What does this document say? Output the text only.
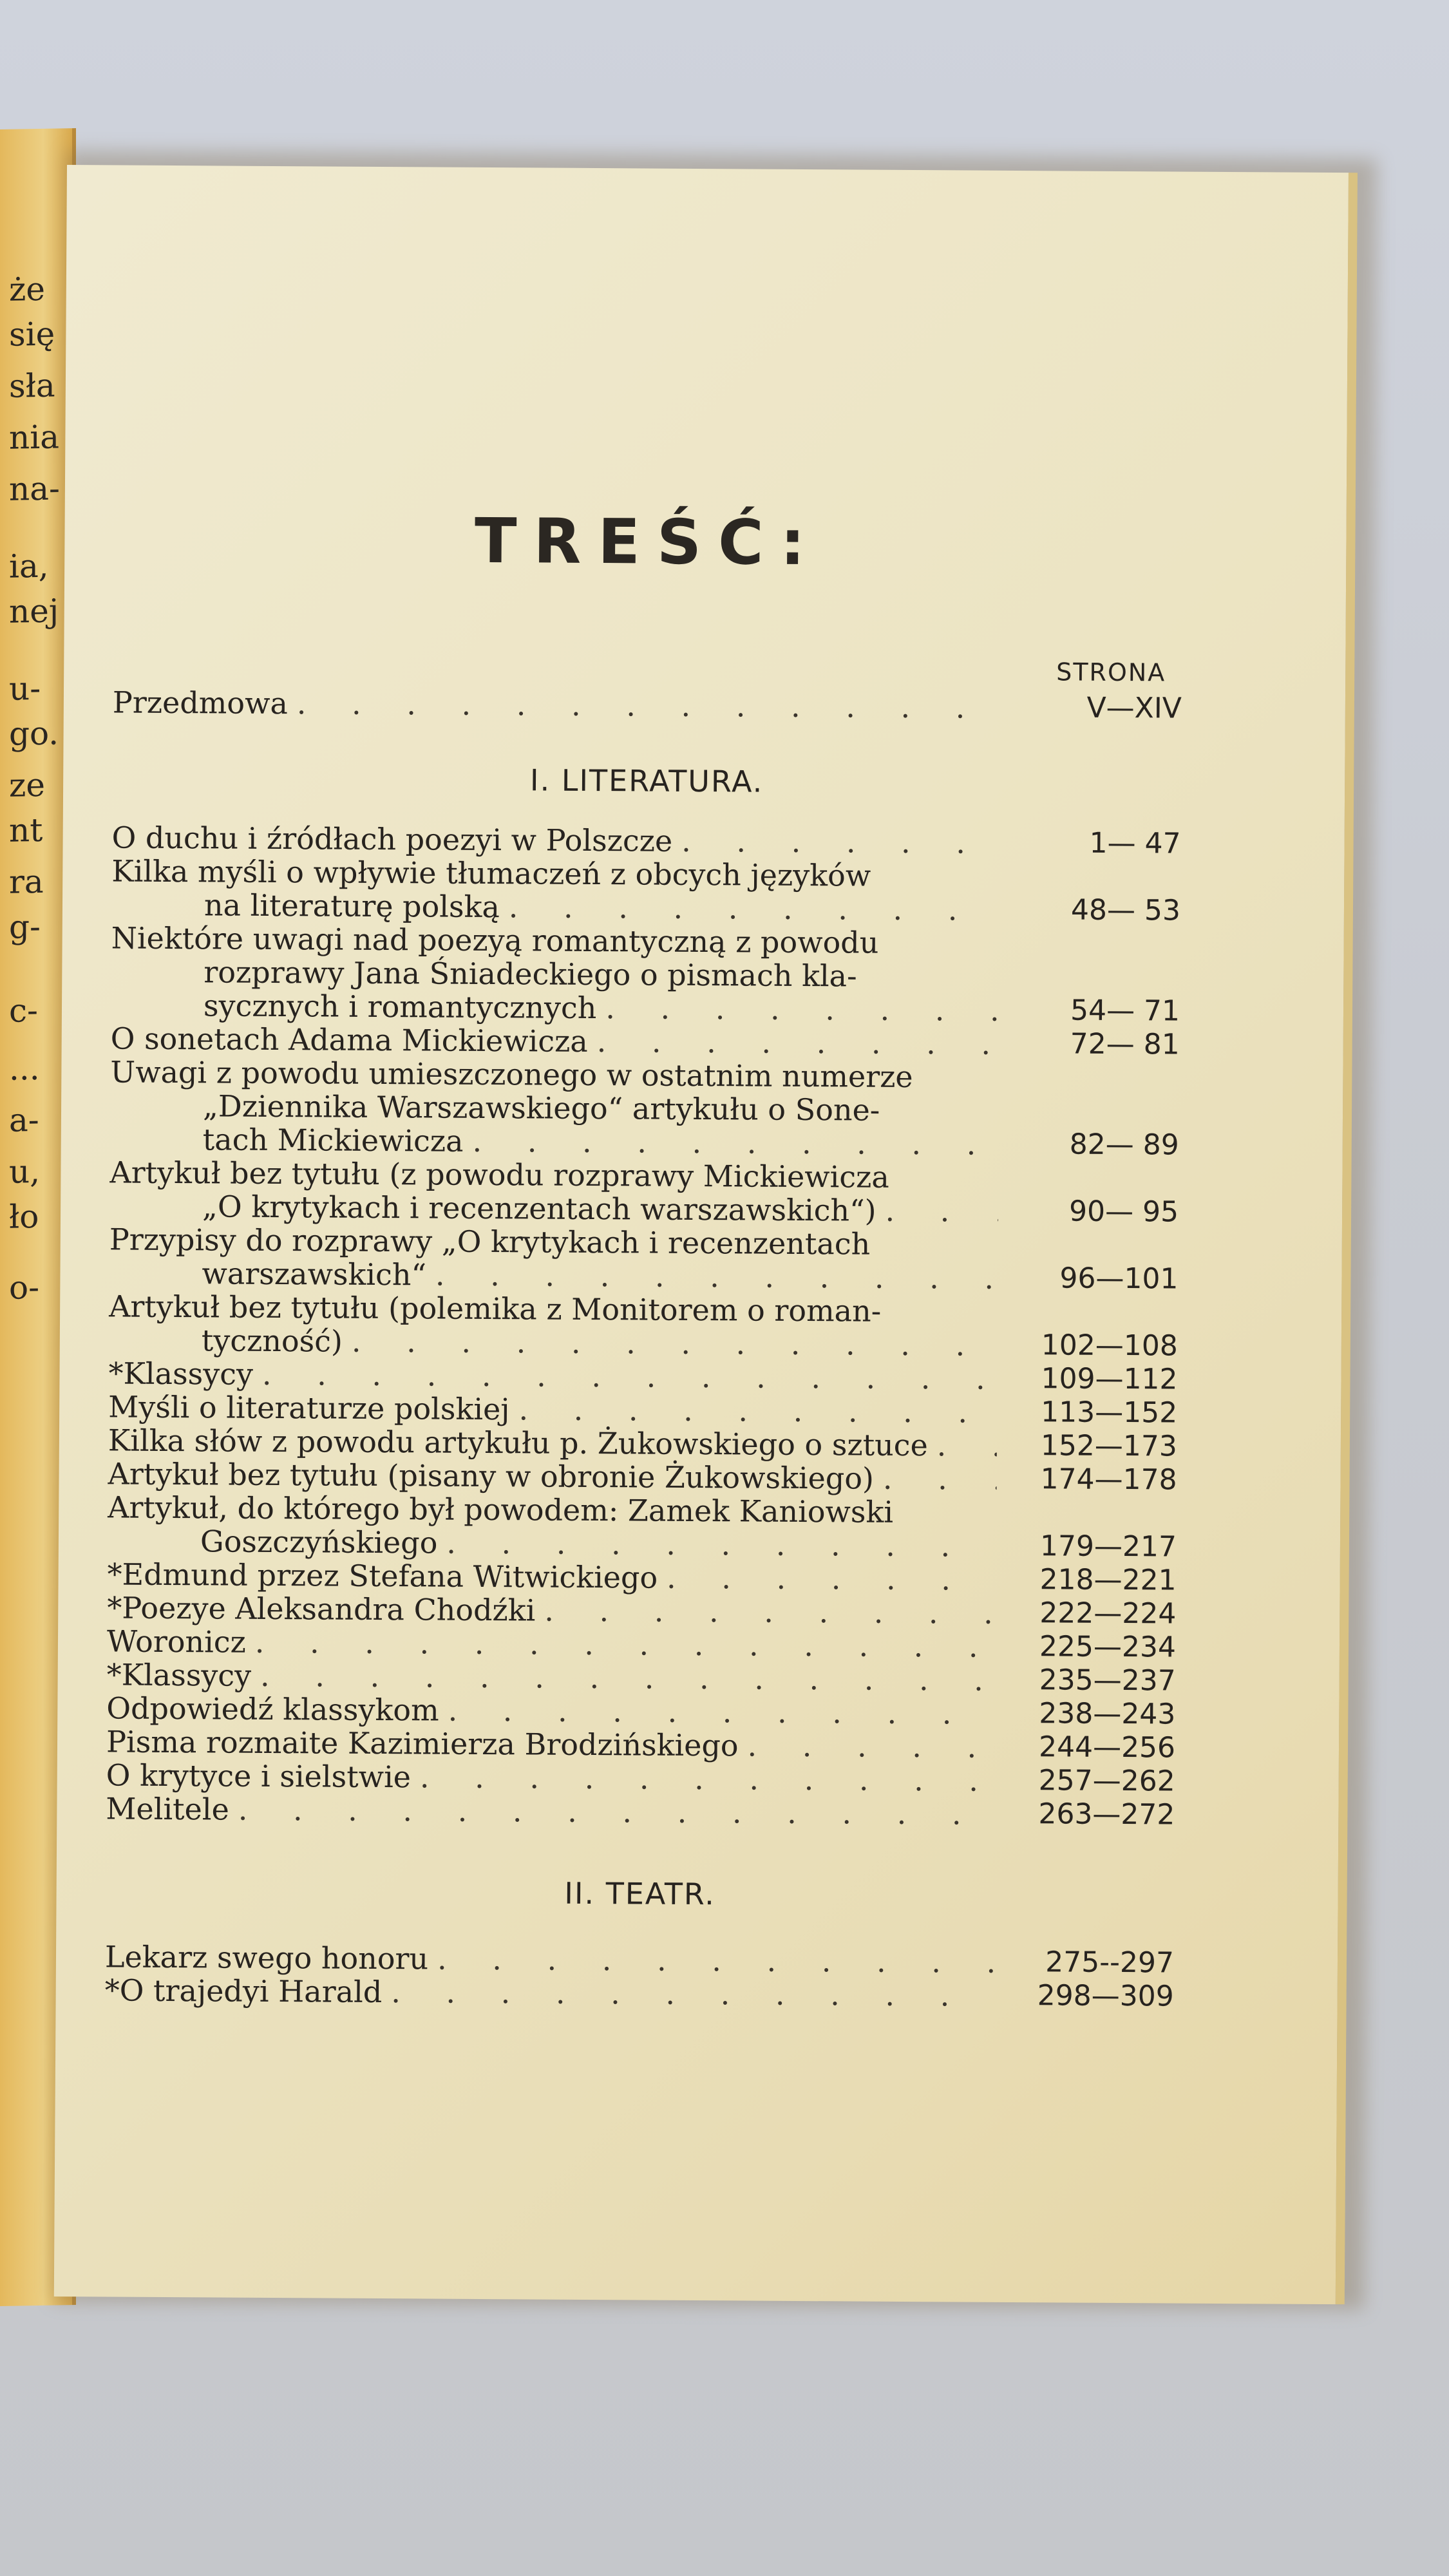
że
się
sła
nia
na-
ia,
nej
u-
go.
ze
nt
ra
g-
c-
...
a-
u,
ło
o-
TREŚĆ:
STRONA
Przedmowa . . .	V—XIV
I. LITERATURA.
O duchu i źródłach poezyi w Polszcze . . .	1— 47
Kilka myśli o wpływie tłumaczeń z obcych języków
na literaturę polską . . .	48— 53
Niektóre uwagi nad poezyą romantyczną z powodu
rozprawy Jana Śniadeckiego o pismach kla-
sycznych i romantycznych . . .	54— 71
O sonetach Adama Mickiewicza . . .	72— 81
Uwagi z powodu umieszczonego w ostatnim numerze
„Dziennika Warszawskiego“ artykułu o Sone-
tach Mickiewicza . . .	82— 89
Artykuł bez tytułu (z powodu rozprawy Mickiewicza
„O krytykach i recenzentach warszawskich“) . . .	90— 95
Przypisy do rozprawy „O krytykach i recenzentach
warszawskich“ . . .	96—101
Artykuł bez tytułu (polemika z Monitorem o roman-
tyczność) . . .	102—108
*Klassycy . . .	109—112
Myśli o literaturze polskiej . . .	113—152
Kilka słów z powodu artykułu p. Żukowskiego o sztuce . . .	152—173
Artykuł bez tytułu (pisany w obronie Żukowskiego) . . .	174—178
Artykuł, do którego był powodem: Zamek Kaniowski
Goszczyńskiego . . .	179—217
*Edmund przez Stefana Witwickiego . . .	218—221
*Poezye Aleksandra Chodźki . . .	222—224
Woronicz . . .	225—234
*Klassycy . . .	235—237
Odpowiedź klassykom . . .	238—243
Pisma rozmaite Kazimierza Brodzińskiego . . .	244—256
O krytyce i sielstwie . . .	257—262
Melitele . . .	263—272
II. TEATR.
Lekarz swego honoru . . .	275--297
*O trajedyi Harald . . .	298—309
